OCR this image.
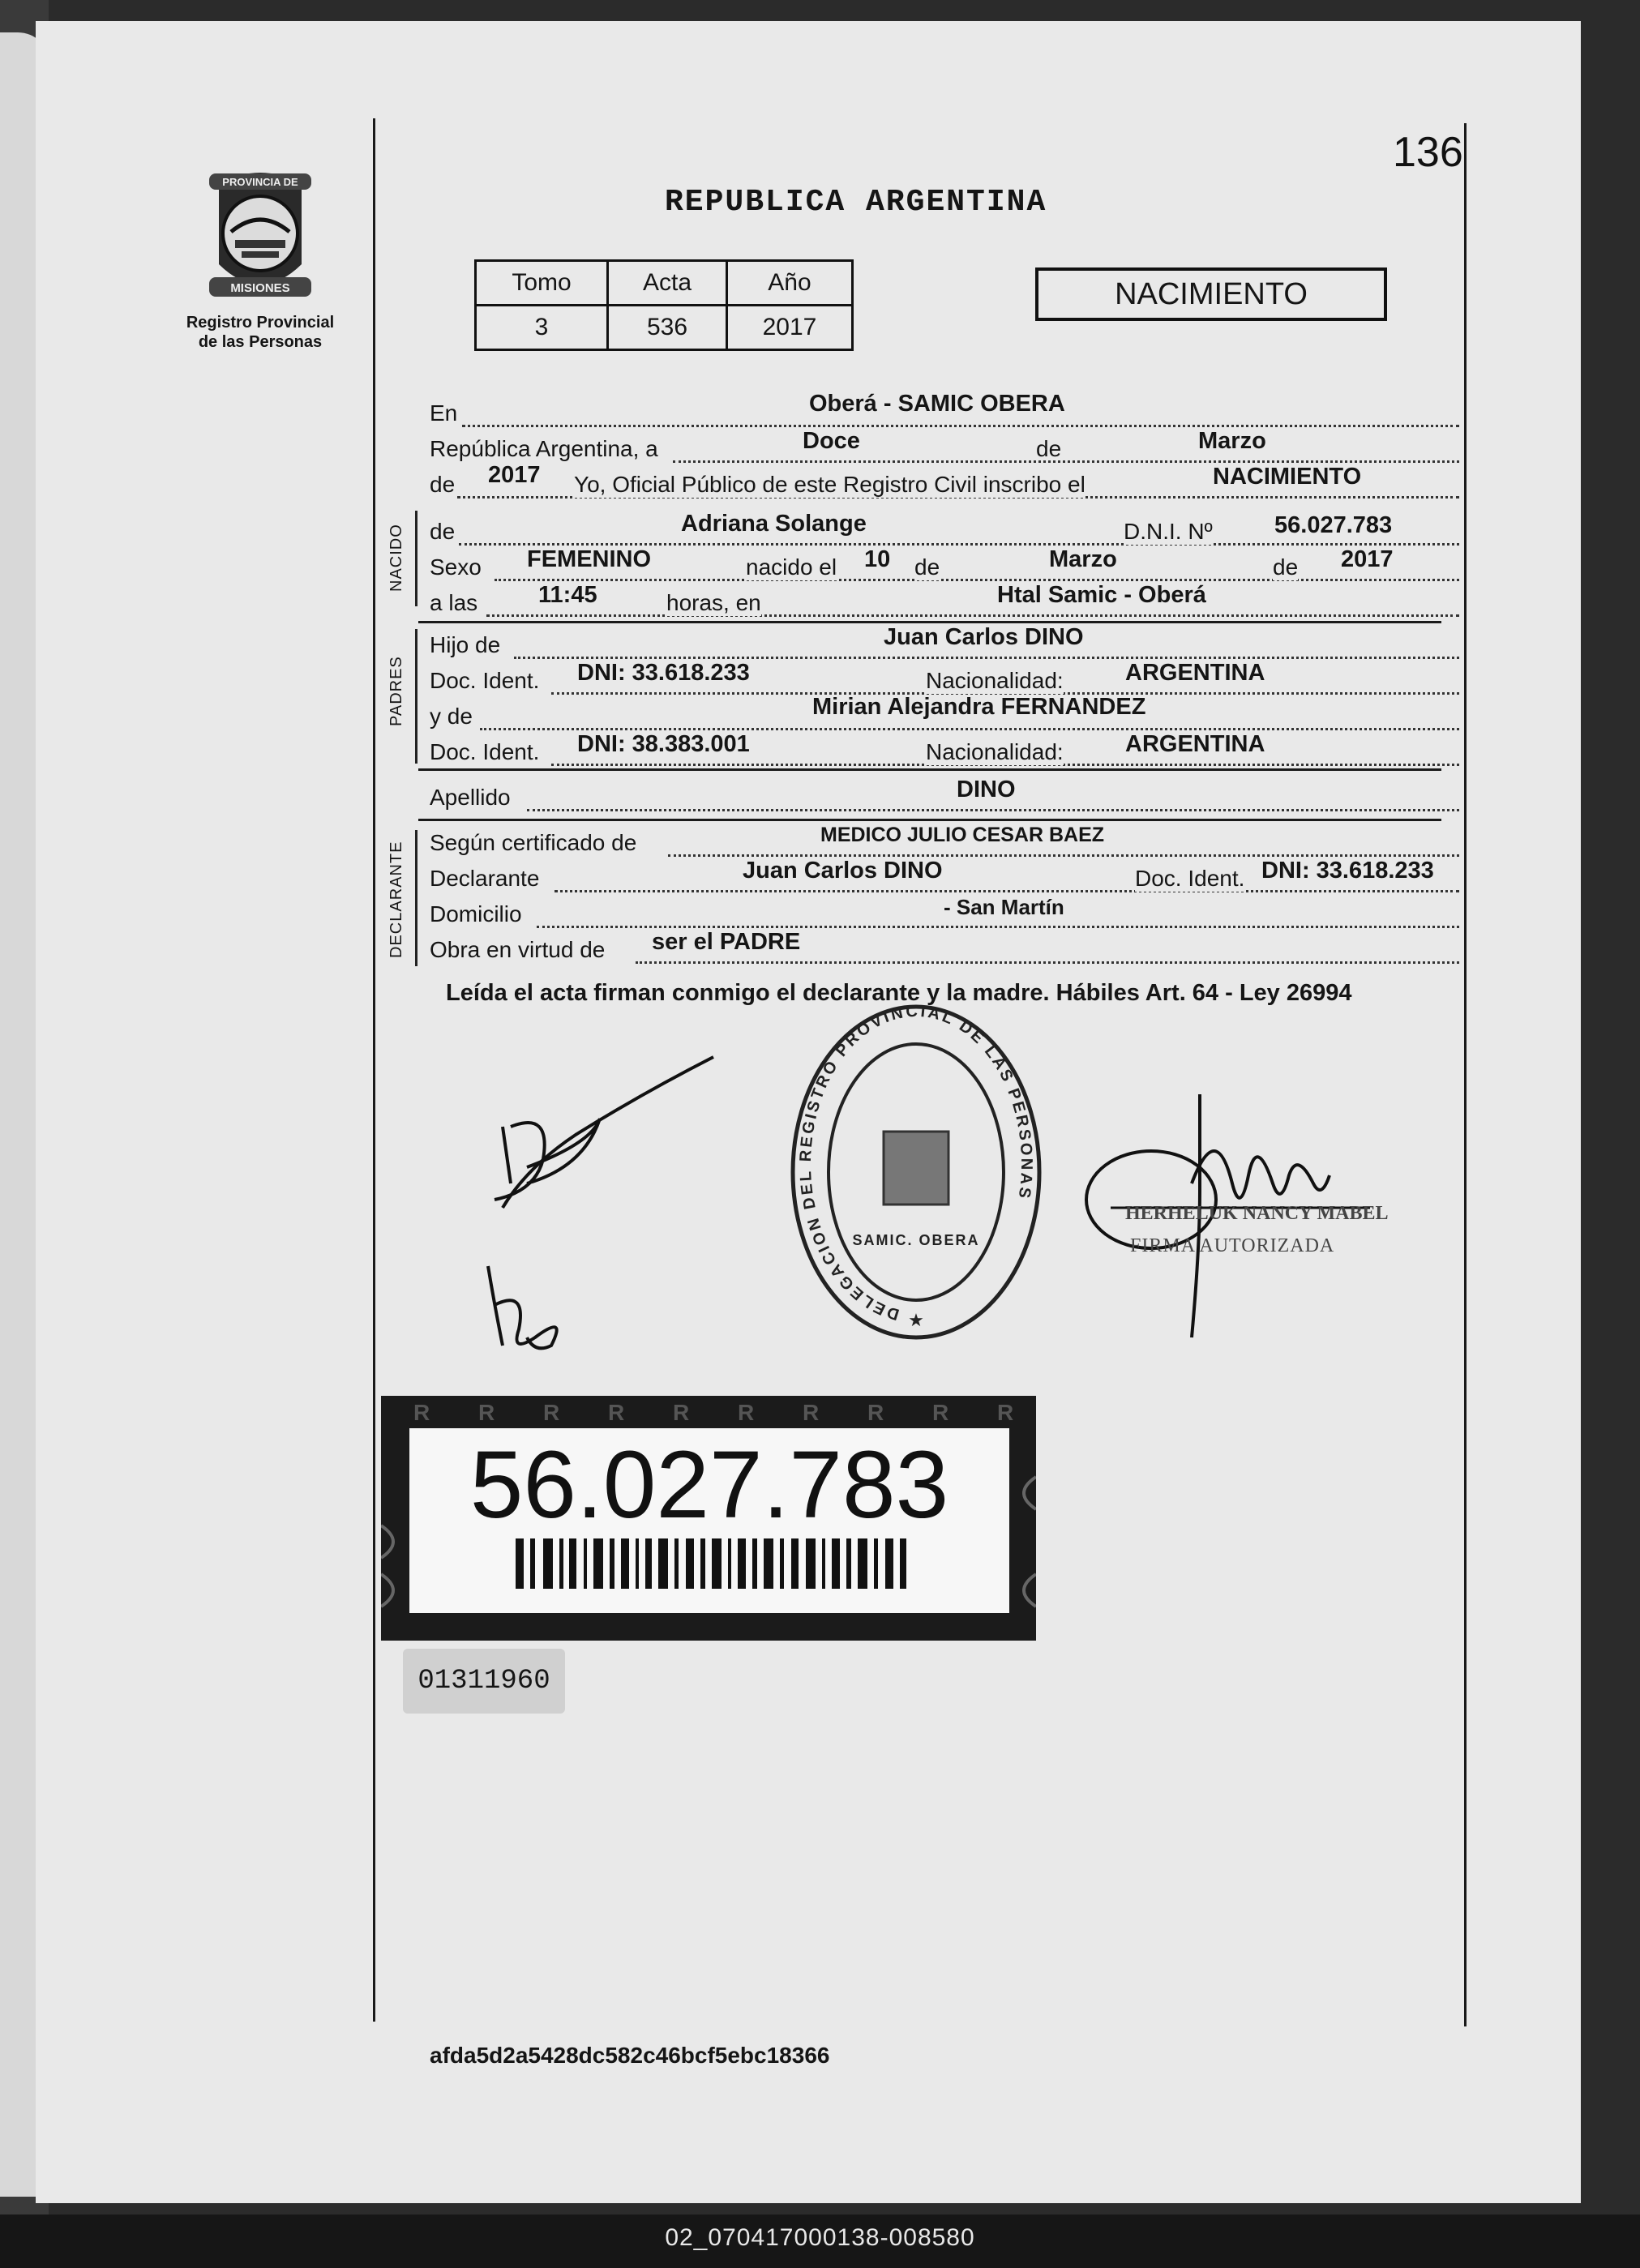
136
PROVINCIA DE
MISIONES
Registro Provincial
de las Personas
REPUBLICA ARGENTINA
Tomo	Acta	Año
3	536	2017
NACIMIENTO
En	Oberá - SAMIC OBERA
República Argentina, a	Doce	de	Marzo
de 2017 Yo, Oficial Público de este Registro Civil inscribo el	NACIMIENTO
NACIDO de	Adriana Solange	D.N.I. Nº	56.027.783
Sexo FEMENINO	nacido el 10 de	Marzo	de 2017
a las	11:45	horas, en	Htal Samic - Oberá
PADRES
Hijo de	Juan Carlos DINO
Doc. Ident. DNI: 33.618.233	Nacionalidad:	ARGENTINA
y de	Mirian Alejandra FERNANDEZ
Doc. Ident. DNI: 38.383.001	Nacionalidad:	ARGENTINA
Apellido	DINO
DECLARANTE Según certificado de	MEDICO JULIO CESAR BAEZ
Declarante	Juan Carlos DINO	Doc. Ident. DNI: 33.618.233
Domicilio	- San Martín
Obra en virtud de ser el PADRE
Leída el acta firman conmigo el declarante y la madre. Hábiles Art. 64 - Ley 26994
DELEGACION DEL REGISTRO PROVINCIAL DE LAS PERSONAS
SAMIC. OBERA
★
HERHELUK NANCY MABEL
FIRMA AUTORIZADA
R R R R R R R R R R
56.027.783
01311960
afda5d2a5428dc582c46bcf5ebc18366
02_070417000138-008580
